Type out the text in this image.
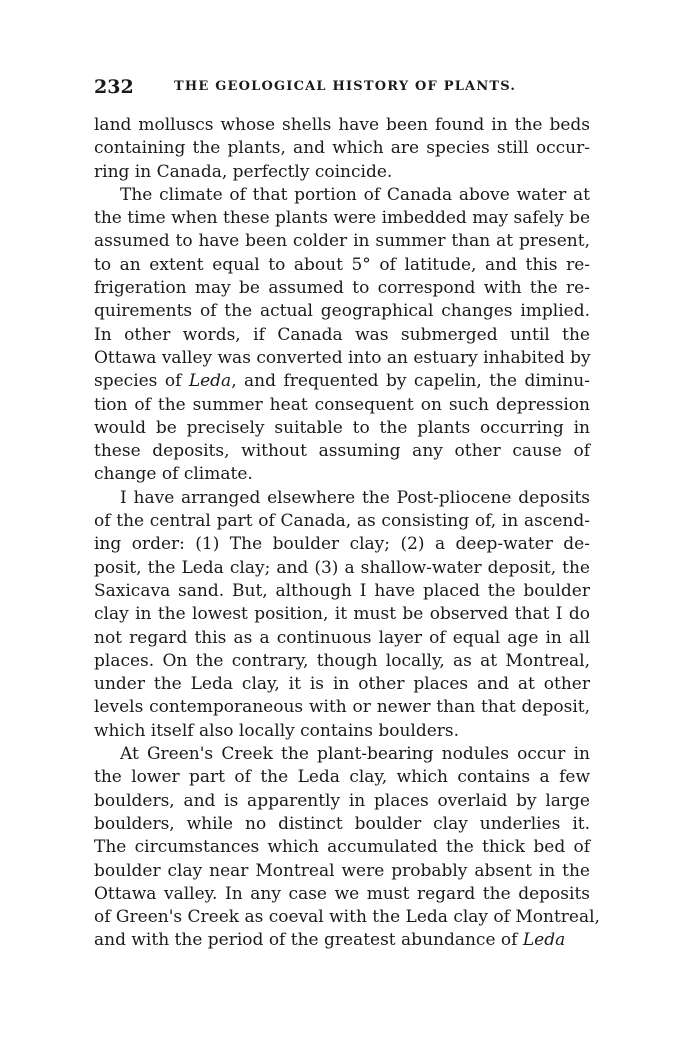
232	THE GEOLOGICAL HISTORY OF PLANTS.
land molluscs whose shells have been found in the beds
containing the plants, and which are species still occur-
ring in Canada, perfectly coincide.
The climate of that portion of Canada above water at
the time when these plants were imbedded may safely be
assumed to have been colder in summer than at present,
to an extent equal to about 5° of latitude, and this re-
frigeration may be assumed to correspond with the re-
quirements of the actual geographical changes implied.
In other words, if Canada was submerged until the
Ottawa valley was converted into an estuary inhabited by
species of Leda, and frequented by capelin, the diminu-
tion of the summer heat consequent on such depression
would be precisely suitable to the plants occurring in
these deposits, without assuming any other cause of
change of climate.
I have arranged elsewhere the Post-pliocene deposits
of the central part of Canada, as consisting of, in ascend-
ing order: (1) The boulder clay; (2) a deep-water de-
posit, the Leda clay; and (3) a shallow-water deposit, the
Saxicava sand. But, although I have placed the boulder
clay in the lowest position, it must be observed that I do
not regard this as a continuous layer of equal age in all
places. On the contrary, though locally, as at Montreal,
under the Leda clay, it is in other places and at other
levels contemporaneous with or newer than that deposit,
which itself also locally contains boulders.
At Green's Creek the plant-bearing nodules occur in
the lower part of the Leda clay, which contains a few
boulders, and is apparently in places overlaid by large
boulders, while no distinct boulder clay underlies it.
The circumstances which accumulated the thick bed of
boulder clay near Montreal were probably absent in the
Ottawa valley. In any case we must regard the deposits
of Green's Creek as coeval with the Leda clay of Montreal,
and with the period of the greatest abundance of Leda
